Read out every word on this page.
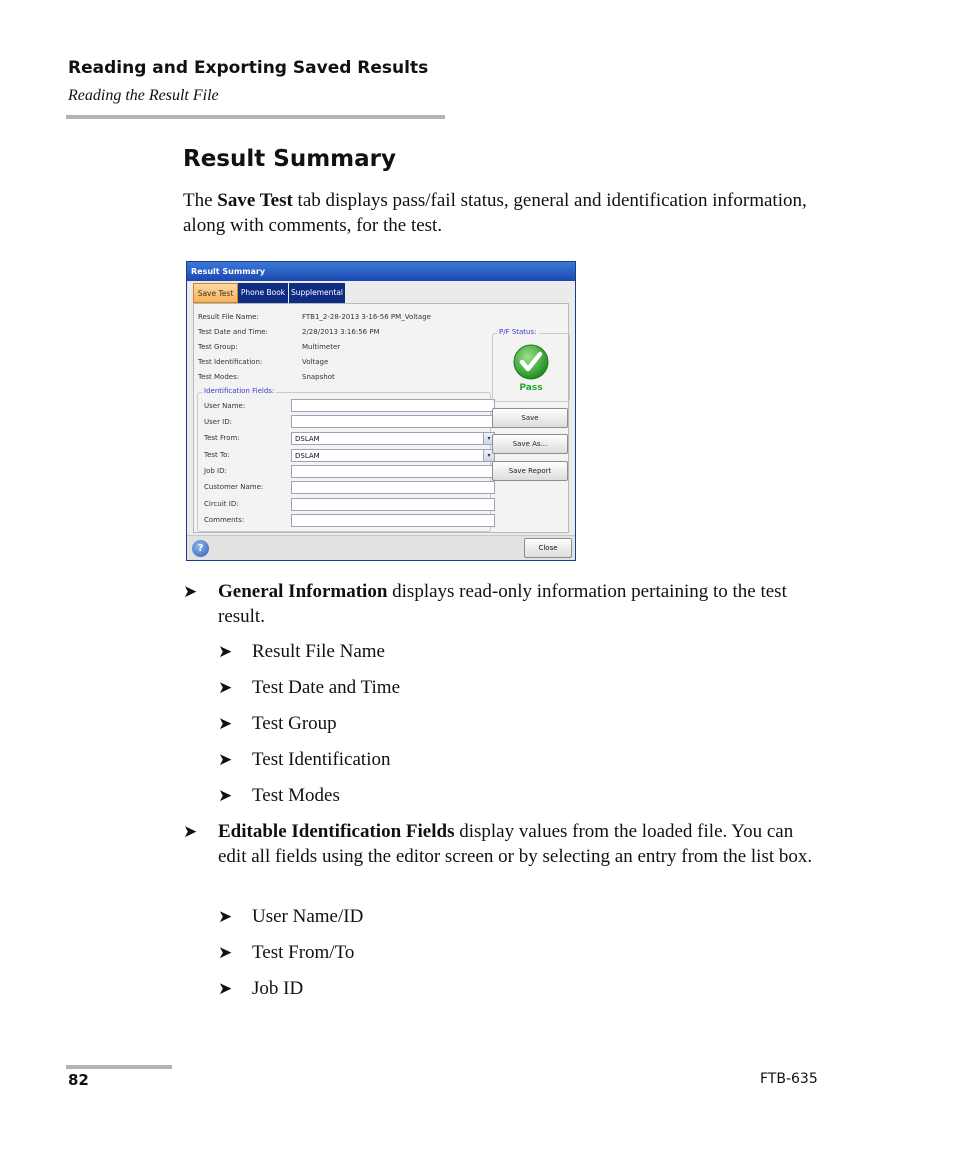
Reading and Exporting Saved Results
Reading the Result File
Result Summary
The Save Test tab displays pass/fail status, general and identification information, along with comments, for the test.
Result Summary
Save Test	Phone Book Supplemental
Result File Name:	FTB1_2-28-2013 3-16-56 PM_Voltage
Test Date and Time:	2/28/2013 3:16:56 PM
Test Group:	Multimeter
Test Identification:	Voltage
Test Modes:	Snapshot
Identification Fields:
User Name:
User ID:
Test From:	DSLAM	▾
Test To:	DSLAM	▾
Job ID:
Customer Name:
Circuit ID:
Comments:
P/F Status:
Pass
Save
Save As...
Save Report
?	Close
➤ General Information displays read-only information pertaining to the test result.
➤ Result File Name
➤ Test Date and Time
➤ Test Group
➤ Test Identification
➤ Test Modes
➤ Editable Identification Fields display values from the loaded file. You can edit all fields using the editor screen or by selecting an entry from the list box.
➤ User Name/ID
➤ Test From/To
➤ Job ID
82	FTB-635
